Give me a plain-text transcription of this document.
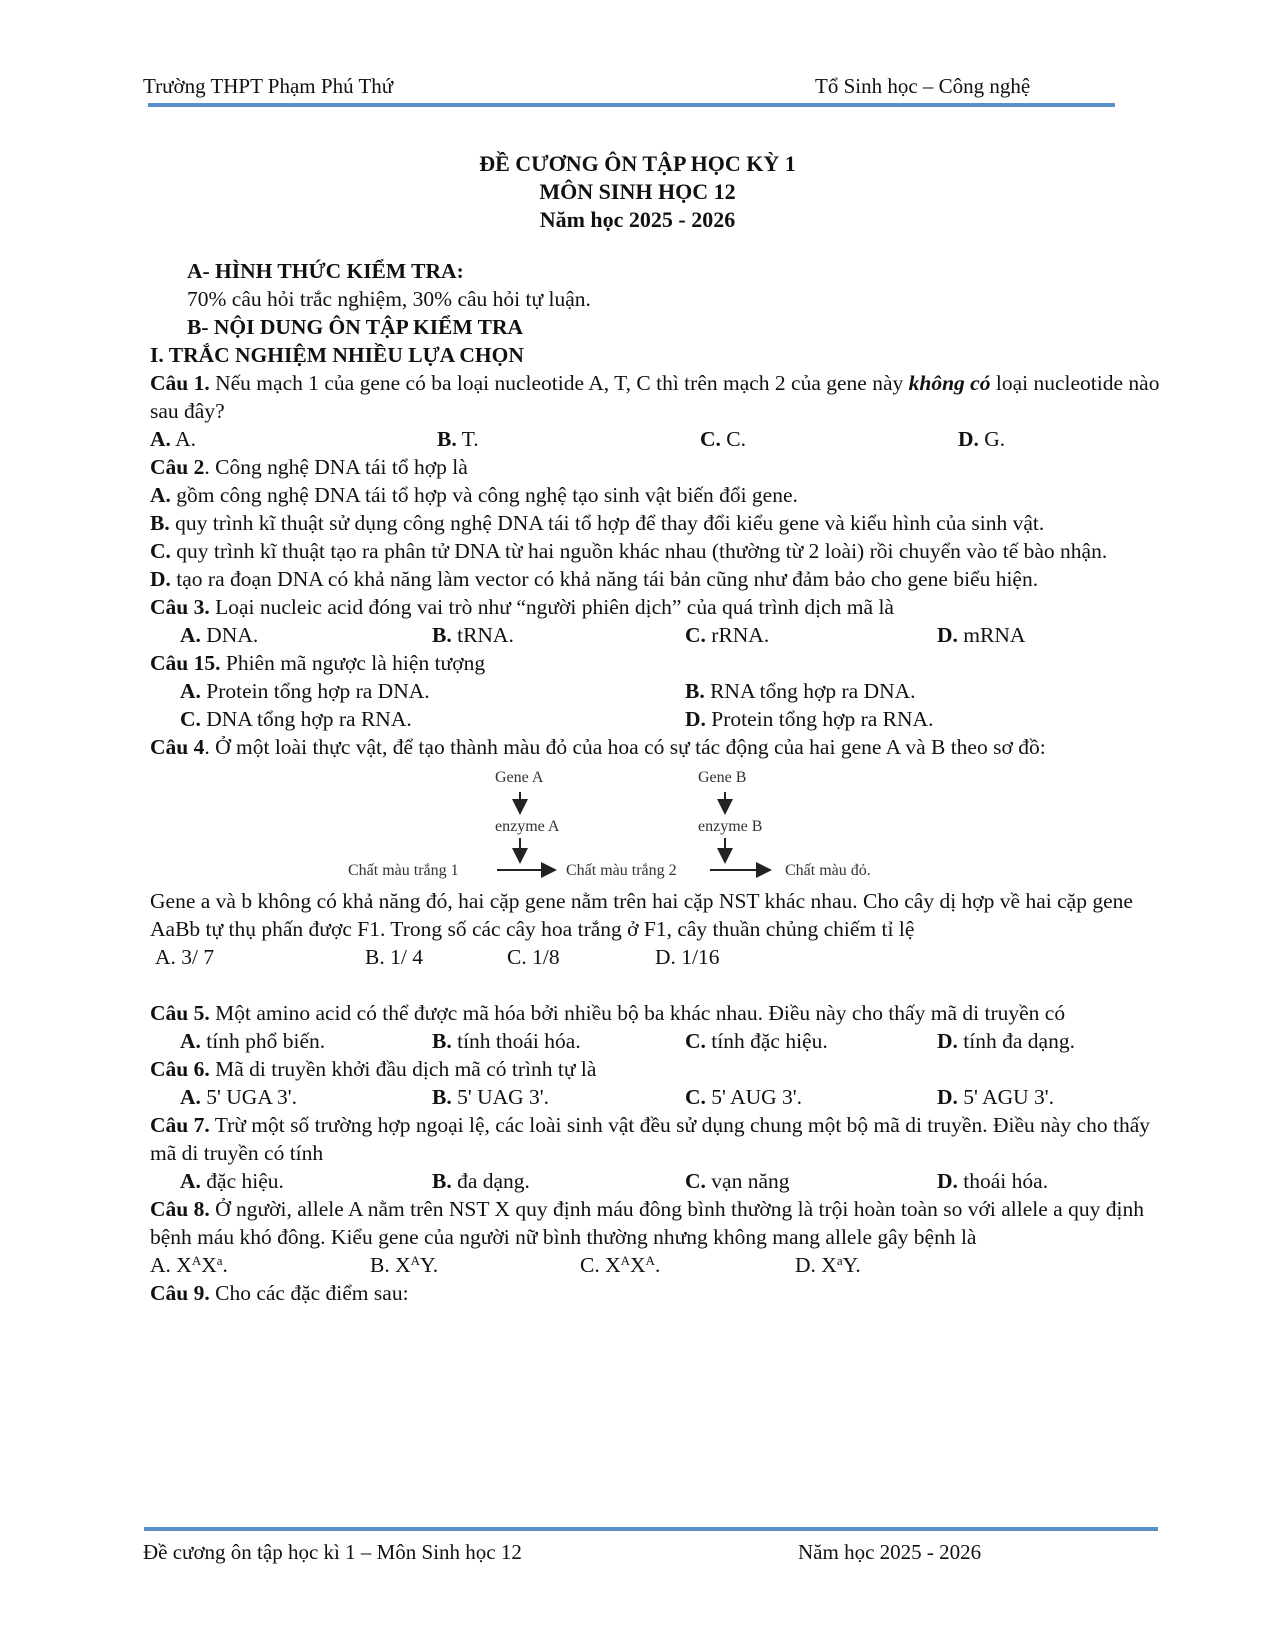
Trường THPT Phạm Phú Thứ	Tổ Sinh học – Công nghệ
ĐỀ CƯƠNG ÔN TẬP HỌC KỲ 1
MÔN SINH HỌC 12
Năm học 2025 - 2026
A- HÌNH THỨC KIỂM TRA:
70% câu hỏi trắc nghiệm, 30% câu hỏi tự luận.
B- NỘI DUNG ÔN TẬP KIỂM TRA
I. TRẮC NGHIỆM NHIỀU LỰA CHỌN
Câu 1. Nếu mạch 1 của gene có ba loại nucleotide A, T, C thì trên mạch 2 của gene này không có loại nucleotide nào sau đây?
A. A.	B. T.	C. C.	D. G.
Câu 2. Công nghệ DNA tái tổ hợp là
A. gồm công nghệ DNA tái tổ hợp và công nghệ tạo sinh vật biến đổi gene.
B. quy trình kĩ thuật sử dụng công nghệ DNA tái tổ hợp để thay đổi kiểu gene và kiểu hình của sinh vật.
C. quy trình kĩ thuật tạo ra phân tử DNA từ hai nguồn khác nhau (thường từ 2 loài) rồi chuyển vào tế bào nhận.
D. tạo ra đoạn DNA có khả năng làm vector có khả năng tái bản cũng như đảm bảo cho gene biểu hiện.
Câu 3. Loại nucleic acid đóng vai trò như “người phiên dịch” của quá trình dịch mã là
A. DNA.	B. tRNA.	C. rRNA.	D. mRNA
Câu 15. Phiên mã ngược là hiện tượng
A. Protein tổng hợp ra DNA.	B. RNA tổng hợp ra DNA.
C. DNA tổng hợp ra RNA.	D. Protein tổng hợp ra RNA.
Câu 4. Ở một loài thực vật, để tạo thành màu đỏ của hoa có sự tác động của hai gene A và B theo sơ đồ:
Gene A	Gene B
enzyme A	enzyme B
Chất màu trắng 1	Chất màu trắng 2	Chất màu đỏ.
Gene a và b không có khả năng đó, hai cặp gene nằm trên hai cặp NST khác nhau. Cho cây dị hợp về hai cặp gene AaBb tự thụ phấn được F1. Trong số các cây hoa trắng ở F1, cây thuần chủng chiếm tỉ lệ
A. 3/ 7	B. 1/ 4	C. 1/8	D. 1/16
Câu 5. Một amino acid có thể được mã hóa bởi nhiều bộ ba khác nhau. Điều này cho thấy mã di truyền có
A. tính phổ biến.	B. tính thoái hóa.	C. tính đặc hiệu.	D. tính đa dạng.
Câu 6. Mã di truyền khởi đầu dịch mã có trình tự là
A. 5' UGA 3'.	B. 5' UAG 3'.	C. 5' AUG 3'.	D. 5' AGU 3'.
Câu 7. Trừ một số trường hợp ngoại lệ, các loài sinh vật đều sử dụng chung một bộ mã di truyền. Điều này cho thấy mã di truyền có tính
A. đặc hiệu.	B. đa dạng.	C. vạn năng	D. thoái hóa.
Câu 8. Ở người, allele A nằm trên NST X quy định máu đông bình thường là trội hoàn toàn so với allele a quy định bệnh máu khó đông. Kiểu gene của người nữ bình thường nhưng không mang allele gây bệnh là
A. $X^AX^a$.	B. $X^AY$.	C. $X^AX^A$.	D. $X^aY$.
Câu 9. Cho các đặc điểm sau:
Đề cương ôn tập học kì 1 – Môn Sinh học 12	Năm học 2025 - 2026
